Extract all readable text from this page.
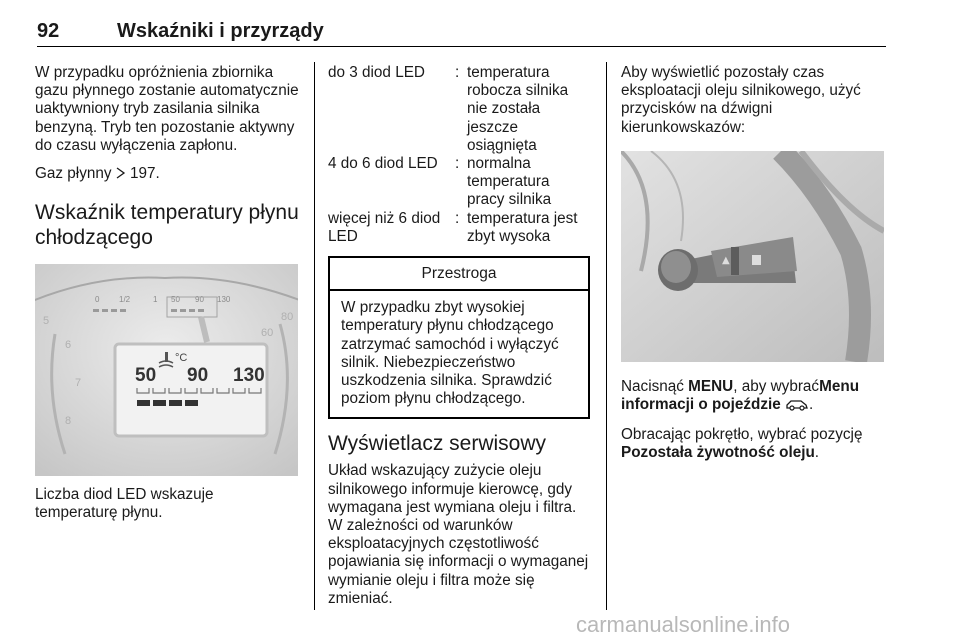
92	Wskaźniki i przyrządy

W przypadku opróżnienia zbiornika gazu płynnego zostanie automatycznie uaktywniony tryb zasilania silnika benzyną. Tryb ten pozostanie aktywny do czasu wyłączenia zapłonu.

Gaz płynny 197.

Wskaźnik temperatury płynu chłodzącego
5
6
7
8
60
80
0 1/2	1 50 90 130
°C
50 90 130

Liczba diod LED wskazuje temperaturę płynu.

do 3 diod LED	:	temperatura robocza silnika nie została jeszcze osiągnięta
4 do 6 diod LED	:	normalna temperatura pracy silnika
więcej niż 6 diod LED	:	temperatura jest zbyt wysoka
Przestroga
W przypadku zbyt wysokiej temperatury płynu chłodzącego zatrzymać samochód i wyłączyć silnik. Niebezpieczeństwo uszkodzenia silnika. Sprawdzić poziom płynu chłodzącego.
Wyświetlacz serwisowy

Układ wskazujący zużycie oleju silnikowego informuje kierowcę, gdy wymagana jest wymiana oleju i filtra. W zależności od warunków eksploatacyjnych częstotliwość pojawiania się informacji o wymaganej wymianie oleju i filtra może się zmieniać.

Aby wyświetlić pozostały czas eksploatacji oleju silnikowego, użyć przycisków na dźwigni kierunkowskazów:

▲

Nacisnąć MENU, aby wybraćMenu informacji o pojeździe .

Obracając pokrętło, wybrać pozycję Pozostała żywotność oleju.

carmanualsonline.info
